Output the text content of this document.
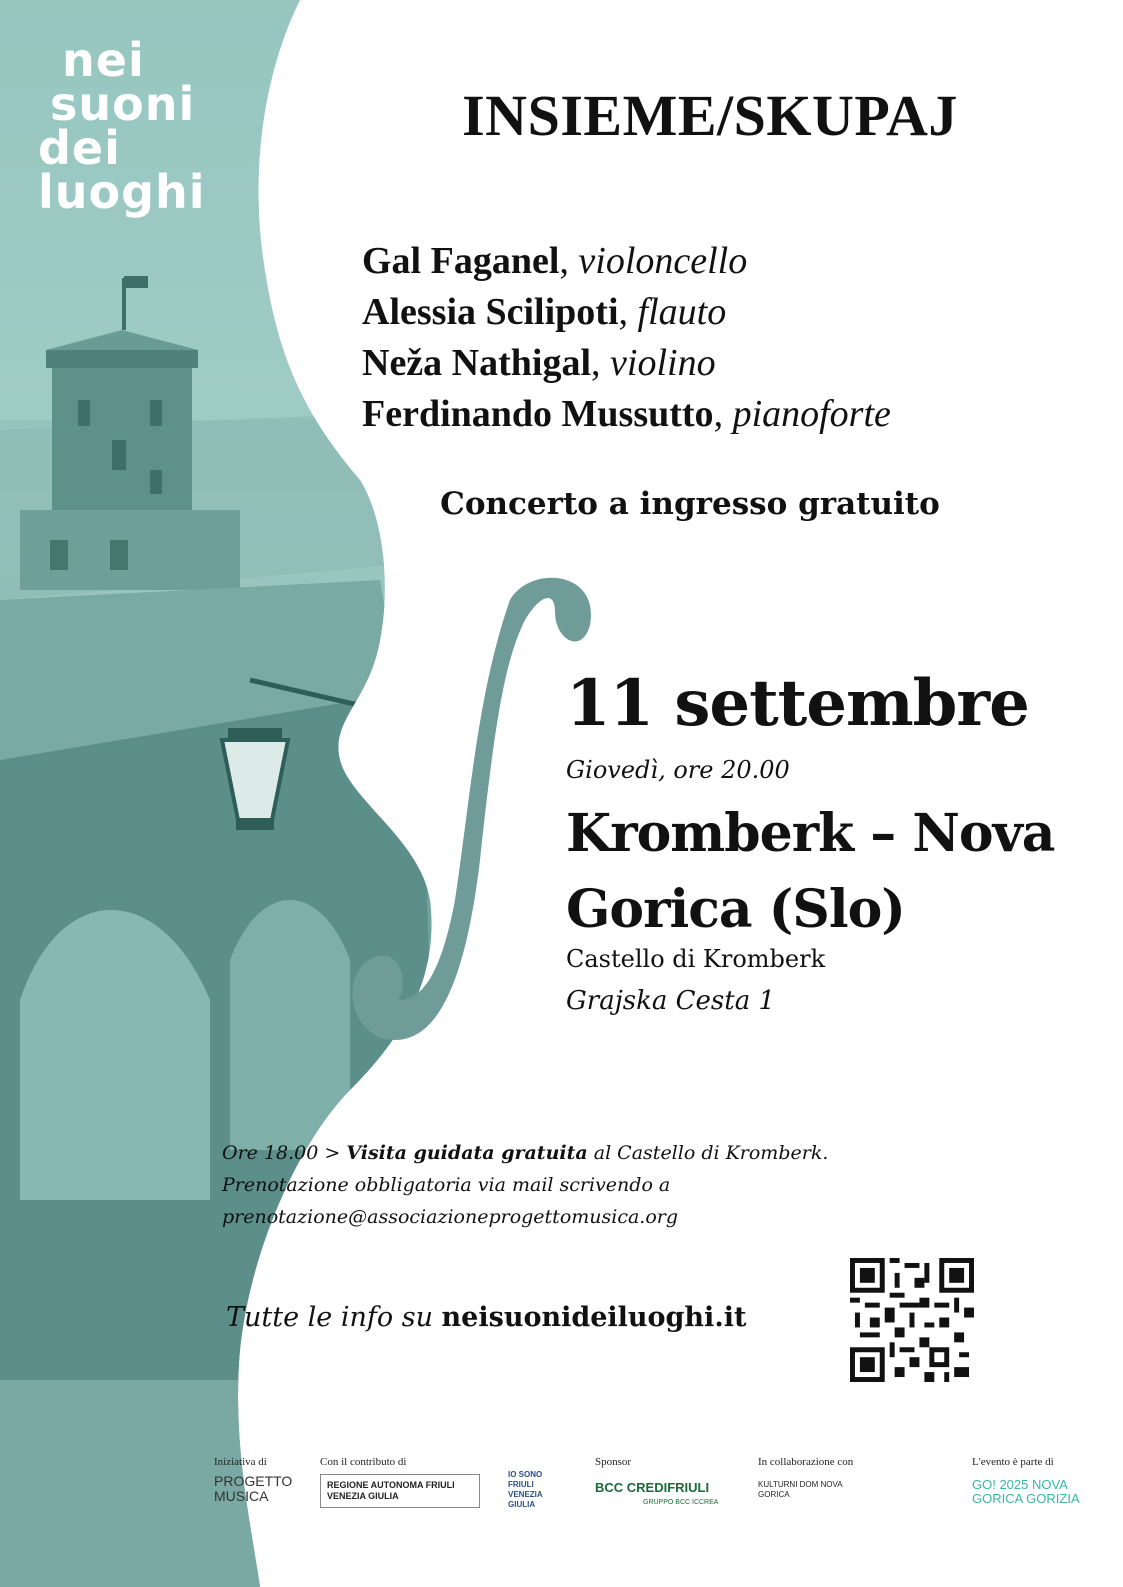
nei
suoni
dei
luoghi
INSIEME/SKUPAJ
Gal Faganel, violoncello
Alessia Scilipoti, flauto
Neža Nathigal, violino
Ferdinando Mussutto, pianoforte
Concerto a ingresso gratuito
11 settembre
Giovedì, ore 20.00
Kromberk – Nova
Gorica (Slo)
Castello di Kromberk
Grajska Cesta 1
Ore 18.00 > Visita guidata gratuita al Castello di Kromberk.
Prenotazione obbligatoria via mail scrivendo a
prenotazione@associazioneprogettomusica.org
Tutte le info su neisuonideiluoghi.it
Iniziativa di
PROGETTO MUSICA
Con il contributo di
REGIONE AUTONOMA FRIULI VENEZIA GIULIA
IO SONO FRIULI VENEZIA GIULIA
Sponsor
BCC CREDIFRIULI
GRUPPO BCC ICCREA
In collaborazione con
KULTURNI DOM NOVA GORICA
L'evento è parte di
GO! 2025 NOVA GORICA GORIZIA
